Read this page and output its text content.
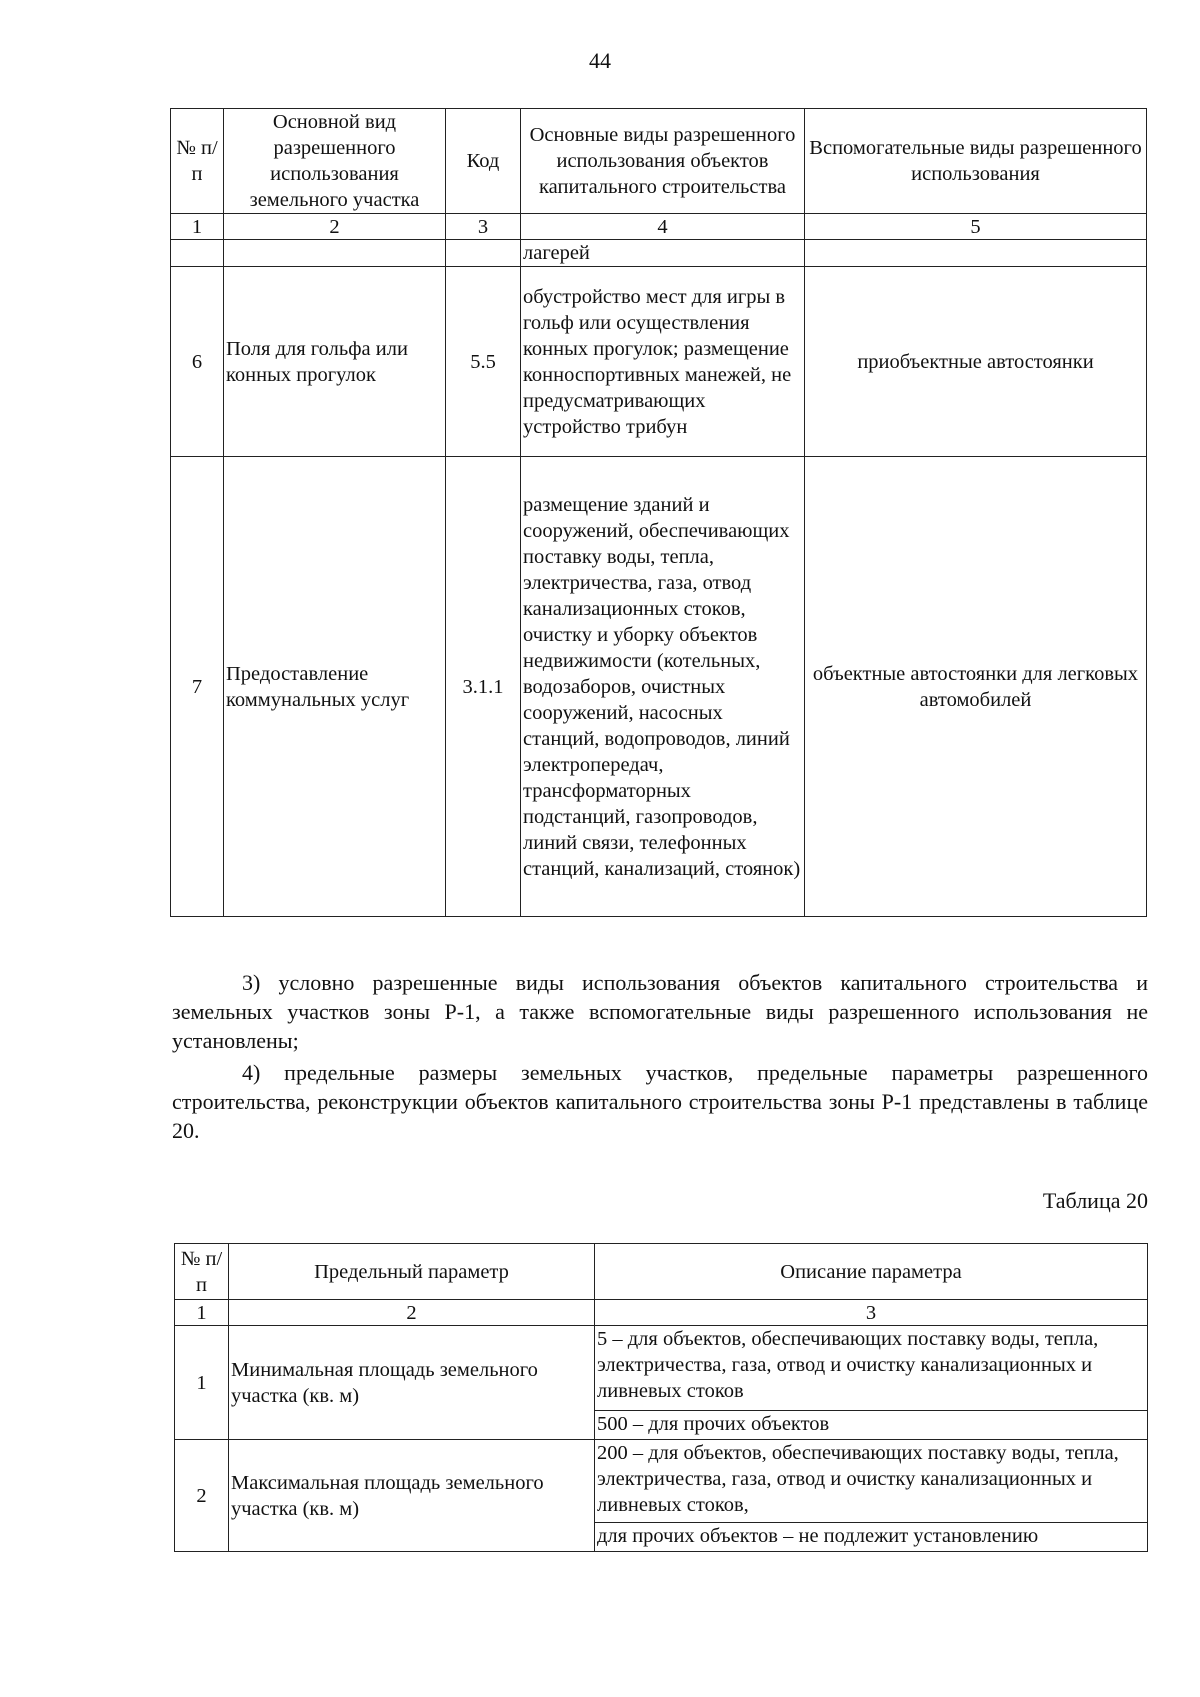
44
№ п/п	Основной вид разрешенного использования земельного участка	Код	Основные виды разрешенного использования объектов капитального строительства	Вспомогательные виды разрешенного использования
1	2	3	4	5
			лагерей	
6	Поля для гольфа или конных прогулок	5.5	обустройство мест для игры в гольф или осуществления конных прогулок; размещение конноспортивных манежей, не предусматривающих устройство трибун	приобъектные автостоянки
7	Предоставление коммунальных услуг	3.1.1	размещение зданий и сооружений, обеспечивающих поставку воды, тепла, электричества, газа, отвод канализационных стоков, очистку и уборку объектов недвижимости (котельных, водозаборов, очистных сооружений, насосных станций, водопроводов, линий электропередач, трансформаторных подстанций, газопроводов, линий связи, телефонных станций, канализаций, стоянок)	объектные автостоянки для легковых автомобилей
3) условно разрешенные виды использования объектов капитального строительства и земельных участков зоны Р-1, а также вспомогательные виды разрешенного использования не установлены;
4) предельные размеры земельных участков, предельные параметры разрешенного строительства, реконструкции объектов капитального строительства зоны Р-1 представлены в таблице 20.
Таблица 20
№ п/п	Предельный параметр	Описание параметра
1	2	3
1	Минимальная площадь земельного участка (кв. м)	5 – для объектов, обеспечивающих поставку воды, тепла, электричества, газа, отвод и очистку канализационных и ливневых стоков
500 – для прочих объектов

2	Максимальная площадь земельного участка (кв. м)	200 – для объектов, обеспечивающих поставку воды, тепла, электричества, газа, отвод и очистку канализационных и ливневых стоков,
для прочих объектов – не подлежит установлению
